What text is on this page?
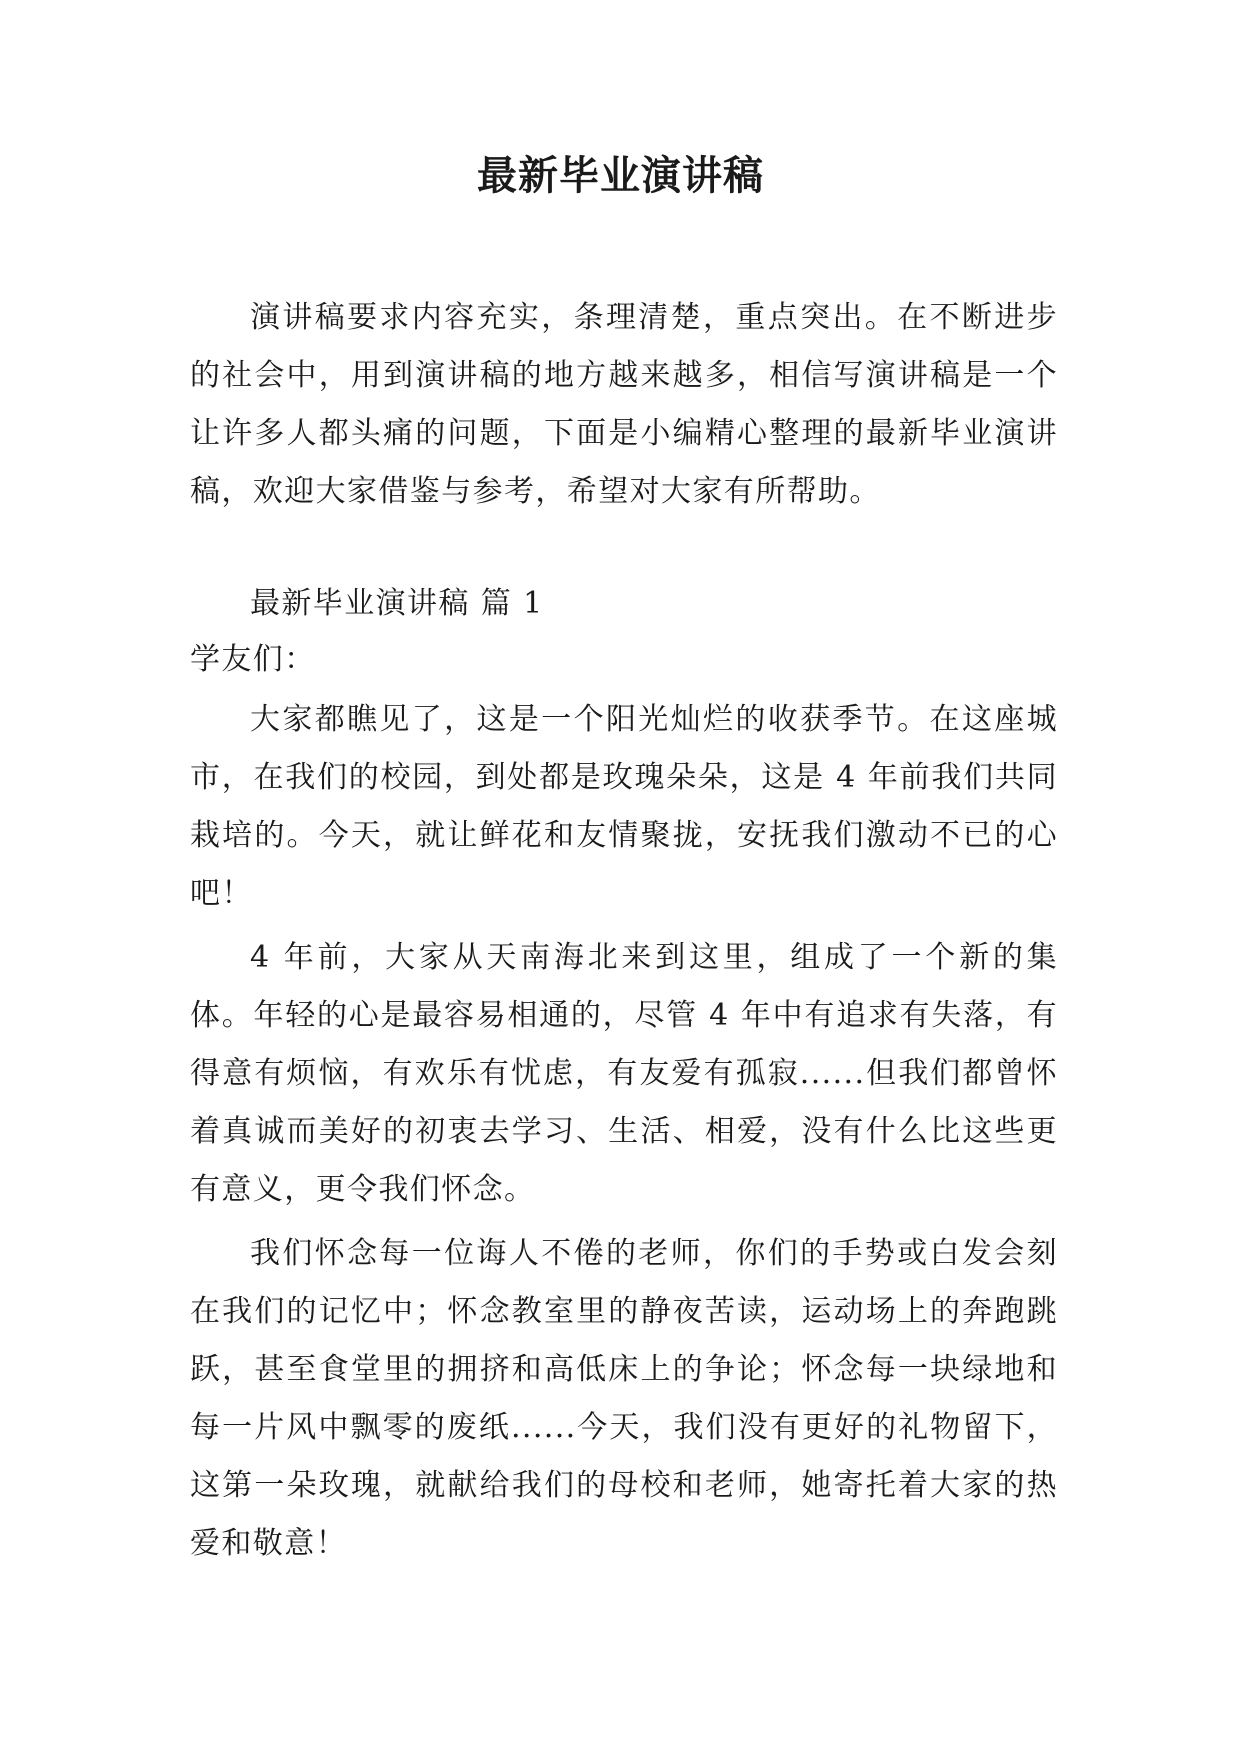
最新毕业演讲稿

演讲稿要求内容充实，条理清楚，重点突出。在不断进步的社会中，用到演讲稿的地方越来越多，相信写演讲稿是一个让许多人都头痛的问题，下面是小编精心整理的最新毕业演讲稿，欢迎大家借鉴与参考，希望对大家有所帮助。

最新毕业演讲稿 篇 1

学友们：

大家都瞧见了，这是一个阳光灿烂的收获季节。在这座城市，在我们的校园，到处都是玫瑰朵朵，这是 4 年前我们共同栽培的。今天，就让鲜花和友情聚拢，安抚我们激动不已的心吧！

4 年前，大家从天南海北来到这里，组成了一个新的集体。年轻的心是最容易相通的，尽管 4 年中有追求有失落，有得意有烦恼，有欢乐有忧虑，有友爱有孤寂......但我们都曾怀着真诚而美好的初衷去学习、生活、相爱，没有什么比这些更有意义，更令我们怀念。

我们怀念每一位诲人不倦的老师，你们的手势或白发会刻在我们的记忆中；怀念教室里的静夜苦读，运动场上的奔跑跳跃，甚至食堂里的拥挤和高低床上的争论；怀念每一块绿地和每一片风中飘零的废纸......今天，我们没有更好的礼物留下，这第一朵玫瑰，就献给我们的母校和老师，她寄托着大家的热爱和敬意！
